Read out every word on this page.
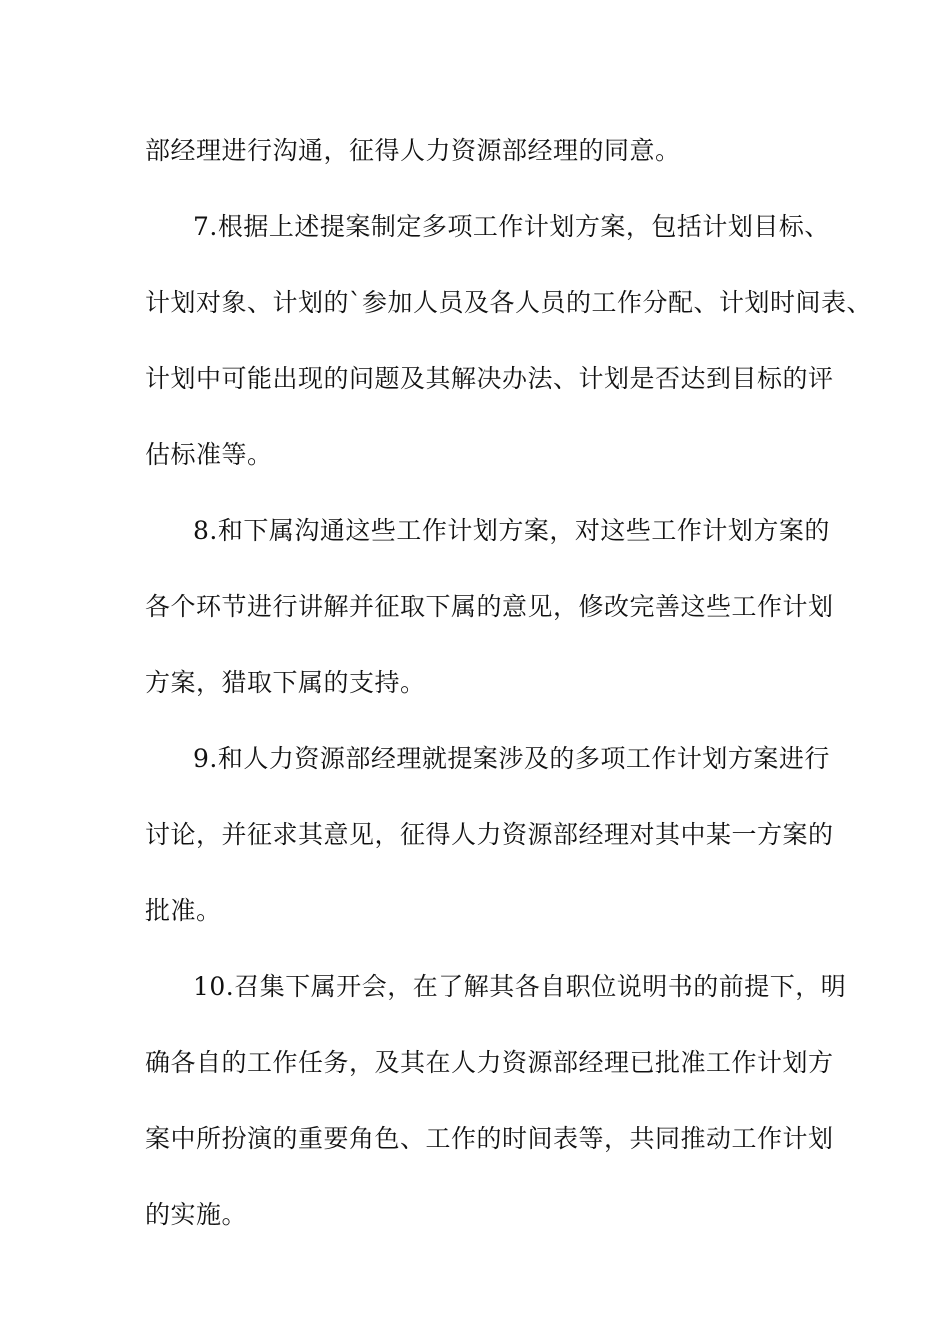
部经理进行沟通，征得人力资源部经理的同意。
7.根据上述提案制定多项工作计划方案，包括计划目标、
计划对象、计划的`参加人员及各人员的工作分配、计划时间表、
计划中可能出现的问题及其解决办法、计划是否达到目标的评
估标准等。
8.和下属沟通这些工作计划方案，对这些工作计划方案的
各个环节进行讲解并征取下属的意见，修改完善这些工作计划
方案，猎取下属的支持。
9.和人力资源部经理就提案涉及的多项工作计划方案进行
讨论，并征求其意见，征得人力资源部经理对其中某一方案的
批准。
10.召集下属开会，在了解其各自职位说明书的前提下，明
确各自的工作任务，及其在人力资源部经理已批准工作计划方
案中所扮演的重要角色、工作的时间表等，共同推动工作计划
的实施。
